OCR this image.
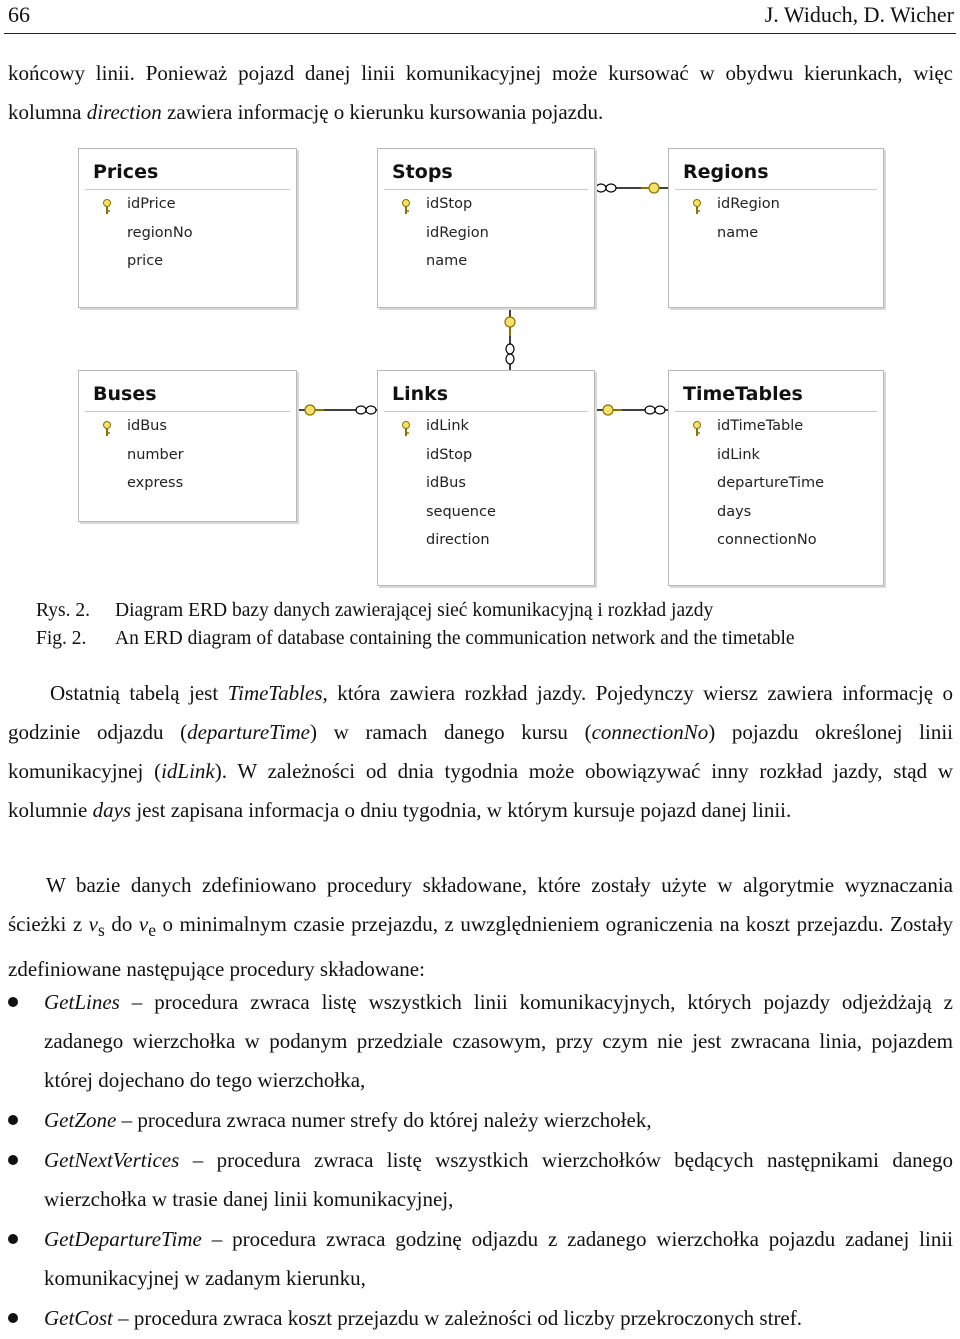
66	J. Widuch, D. Wicher
końcowy linii. Ponieważ pojazd danej linii komunikacyjnej może kursować w obydwu kierunkach, więc kolumna direction zawiera informację o kierunku kursowania pojazdu.
Prices
idPrice
regionNo
price
Stops
idStop
idRegion
name
Regions
idRegion
name
Buses
idBus
number
express
Links
idLink
idStop
idBus
sequence
direction
TimeTables
idTimeTable
idLink
departureTime
days
connectionNo
Rys. 2. Diagram ERD bazy danych zawierającej sieć komunikacyjną i rozkład jazdy
Fig. 2. An ERD diagram of database containing the communication network and the timetable
Ostatnią tabelą jest TimeTables, która zawiera rozkład jazdy. Pojedynczy wiersz zawiera informację o godzinie odjazdu (departureTime) w ramach danego kursu (connectionNo) pojazdu określonej linii komunikacyjnej (idLink). W zależności od dnia tygodnia może obowiązywać inny rozkład jazdy, stąd w kolumnie days jest zapisana informacja o dniu tygodnia, w którym kursuje pojazd danej linii.
W bazie danych zdefiniowano procedury składowane, które zostały użyte w algorytmie wyznaczania ścieżki z $v_s$ do $v_e$ o minimalnym czasie przejazdu, z uwzględnieniem ograniczenia na koszt przejazdu. Zostały zdefiniowane następujące procedury składowane:
GetLines – procedura zwraca listę wszystkich linii komunikacyjnych, których pojazdy odjeżdżają z zadanego wierzchołka w podanym przedziale czasowym, przy czym nie jest zwracana linia, pojazdem której dojechano do tego wierzchołka,
GetZone – procedura zwraca numer strefy do której należy wierzchołek,
GetNextVertices – procedura zwraca listę wszystkich wierzchołków będących następnikami danego wierzchołka w trasie danej linii komunikacyjnej,
GetDepartureTime – procedura zwraca godzinę odjazdu z zadanego wierzchołka pojazdu zadanej linii komunikacyjnej w zadanym kierunku,
GetCost – procedura zwraca koszt przejazdu w zależności od liczby przekroczonych stref.
